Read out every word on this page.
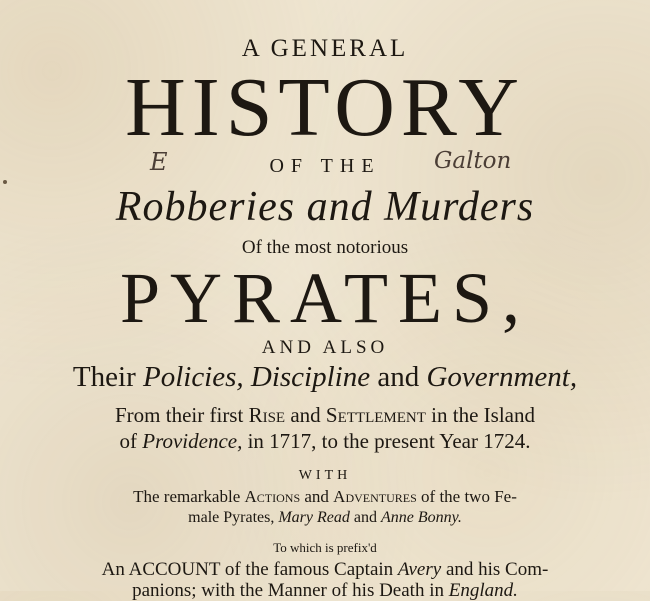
A GENERAL
HISTORY
E	OF THE	Galton
Robberies and Murders
Of the most notorious
PYRATES,
AND ALSO
Their Policies, Discipline and Government,
From their first Rise and Settlement in the Island
of Providence, in 1717, to the present Year 1724.
WITH
The remarkable Actions and Adventures of the two Fe-
male Pyrates, Mary Read and Anne Bonny.
To which is prefix'd
An ACCOUNT of the famous Captain Avery and his Com-
panions; with the Manner of his Death in England.
